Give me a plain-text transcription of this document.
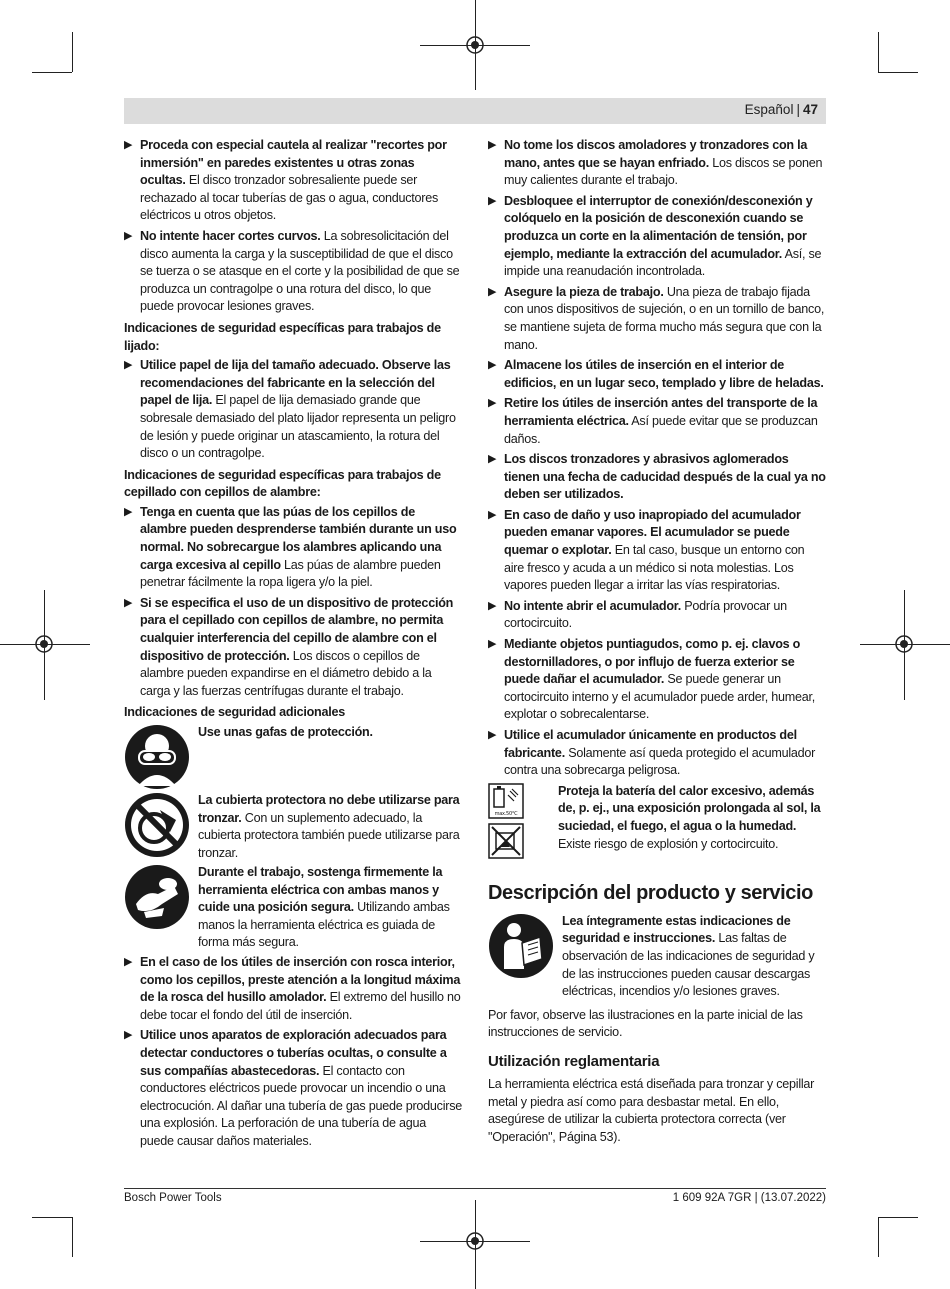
Español | 47
▶ Proceda con especial cautela al realizar "recortes por inmersión" en paredes existentes u otras zonas ocultas. El disco tronzador sobresaliente puede ser rechazado al tocar tuberías de gas o agua, conductores eléctricos u otros objetos.
▶ No intente hacer cortes curvos. La sobresolicitación del disco aumenta la carga y la susceptibilidad de que el disco se tuerza o se atasque en el corte y la posibilidad de que se produzca un contragolpe o una rotura del disco, lo que puede provocar lesiones graves.
Indicaciones de seguridad específicas para trabajos de lijado:
▶ Utilice papel de lija del tamaño adecuado. Observe las recomendaciones del fabricante en la selección del papel de lija. El papel de lija demasiado grande que sobresale demasiado del plato lijador representa un peligro de lesión y puede originar un atascamiento, la rotura del disco o un contragolpe.
Indicaciones de seguridad específicas para trabajos de cepillado con cepillos de alambre:
▶ Tenga en cuenta que las púas de los cepillos de alambre pueden desprenderse también durante un uso normal. No sobrecargue los alambres aplicando una carga excesiva al cepillo Las púas de alambre pueden penetrar fácilmente la ropa ligera y/o la piel.
▶ Si se especifica el uso de un dispositivo de protección para el cepillado con cepillos de alambre, no permita cualquier interferencia del cepillo de alambre con el dispositivo de protección. Los discos o cepillos de alambre pueden expandirse en el diámetro debido a la carga y las fuerzas centrífugas durante el trabajo.
Indicaciones de seguridad adicionales
Use unas gafas de protección.
La cubierta protectora no debe utilizarse para tronzar. Con un suplemento adecuado, la cubierta protectora también puede utilizarse para tronzar.
Durante el trabajo, sostenga firmemente la herramienta eléctrica con ambas manos y cuide una posición segura. Utilizando ambas manos la herramienta eléctrica es guiada de forma más segura.
▶ En el caso de los útiles de inserción con rosca interior, como los cepillos, preste atención a la longitud máxima de la rosca del husillo amolador. El extremo del husillo no debe tocar el fondo del útil de inserción.
▶ Utilice unos aparatos de exploración adecuados para detectar conductores o tuberías ocultas, o consulte a sus compañías abastecedoras. El contacto con conductores eléctricos puede provocar un incendio o una electrocución. Al dañar una tubería de gas puede producirse una explosión. La perforación de una tubería de agua puede causar daños materiales.
▶ No tome los discos amoladores y tronzadores con la mano, antes que se hayan enfriado. Los discos se ponen muy calientes durante el trabajo.
▶ Desbloquee el interruptor de conexión/desconexión y colóquelo en la posición de desconexión cuando se produzca un corte en la alimentación de tensión, por ejemplo, mediante la extracción del acumulador. Así, se impide una reanudación incontrolada.
▶ Asegure la pieza de trabajo. Una pieza de trabajo fijada con unos dispositivos de sujeción, o en un tornillo de banco, se mantiene sujeta de forma mucho más segura que con la mano.
▶ Almacene los útiles de inserción en el interior de edificios, en un lugar seco, templado y libre de heladas.
▶ Retire los útiles de inserción antes del transporte de la herramienta eléctrica. Así puede evitar que se produzcan daños.
▶ Los discos tronzadores y abrasivos aglomerados tienen una fecha de caducidad después de la cual ya no deben ser utilizados.
▶ En caso de daño y uso inapropiado del acumulador pueden emanar vapores. El acumulador se puede quemar o explotar. En tal caso, busque un entorno con aire fresco y acuda a un médico si nota molestias. Los vapores pueden llegar a irritar las vías respiratorias.
▶ No intente abrir el acumulador. Podría provocar un cortocircuito.
▶ Mediante objetos puntiagudos, como p. ej. clavos o destornilladores, o por influjo de fuerza exterior se puede dañar el acumulador. Se puede generar un cortocircuito interno y el acumulador puede arder, humear, explotar o sobrecalentarse.
▶ Utilice el acumulador únicamente en productos del fabricante. Solamente así queda protegido el acumulador contra una sobrecarga peligrosa.
max.50°C
Proteja la batería del calor excesivo, además de, p. ej., una exposición prolongada al sol, la suciedad, el fuego, el agua o la humedad. Existe riesgo de explosión y cortocircuito.
Descripción del producto y servicio
Lea íntegramente estas indicaciones de seguridad e instrucciones. Las faltas de observación de las indicaciones de seguridad y de las instrucciones pueden causar descargas eléctricas, incendios y/o lesiones graves.
Por favor, observe las ilustraciones en la parte inicial de las instrucciones de servicio.
Utilización reglamentaria
La herramienta eléctrica está diseñada para tronzar y cepillar metal y piedra así como para desbastar metal. En ello, asegúrese de utilizar la cubierta protectora correcta (ver "Operación", Página 53).
Bosch Power Tools	1 609 92A 7GR | (13.07.2022)
